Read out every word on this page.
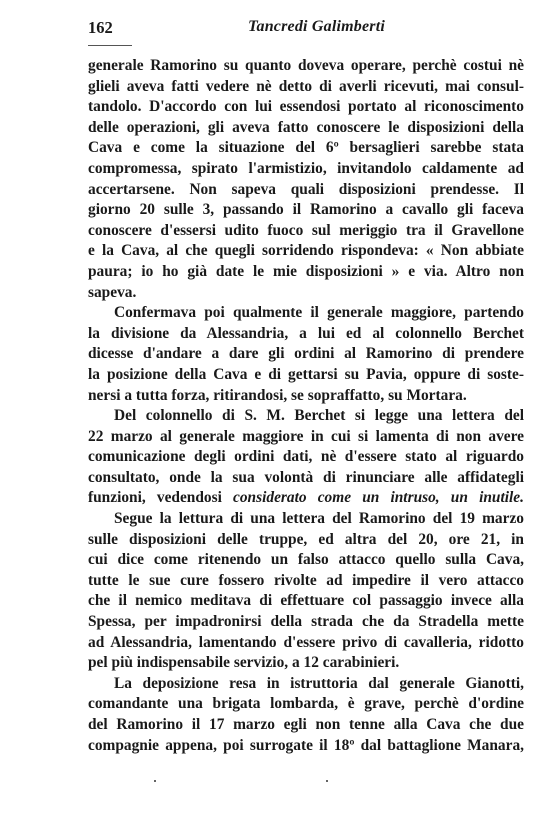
162	Tancredi Galimberti
generale Ramorino su quanto doveva operare, perchè costui nè
glieli aveva fatti vedere nè detto di averli ricevuti, mai consul-
tandolo. D'accordo con lui essendosi portato al riconoscimento
delle operazioni, gli aveva fatto conoscere le disposizioni della
Cava e come la situazione del 6º bersaglieri sarebbe stata
compromessa, spirato l'armistizio, invitandolo caldamente ad
accertarsene. Non sapeva quali disposizioni prendesse. Il
giorno 20 sulle 3, passando il Ramorino a cavallo gli faceva
conoscere d'essersi udito fuoco sul meriggio tra il Gravellone
e la Cava, al che quegli sorridendo rispondeva: « Non abbiate
paura; io ho già date le mie disposizioni » e via. Altro non
sapeva.
Confermava poi qualmente il generale maggiore, partendo
la divisione da Alessandria, a lui ed al colonnello Berchet
dicesse d'andare a dare gli ordini al Ramorino di prendere
la posizione della Cava e di gettarsi su Pavia, oppure di soste-
nersi a tutta forza, ritirandosi, se sopraffatto, su Mortara.
Del colonnello di S. M. Berchet si legge una lettera del
22 marzo al generale maggiore in cui si lamenta di non avere
comunicazione degli ordini dati, nè d'essere stato al riguardo
consultato, onde la sua volontà di rinunciare alle affidategli
funzioni, vedendosi considerato come un intruso, un inutile.
Segue la lettura di una lettera del Ramorino del 19 marzo
sulle disposizioni delle truppe, ed altra del 20, ore 21, in
cui dice come ritenendo un falso attacco quello sulla Cava,
tutte le sue cure fossero rivolte ad impedire il vero attacco
che il nemico meditava di effettuare col passaggio invece alla
Spessa, per impadronirsi della strada che da Stradella mette
ad Alessandria, lamentando d'essere privo di cavalleria, ridotto
pel più indispensabile servizio, a 12 carabinieri.
La deposizione resa in istruttoria dal generale Gianotti,
comandante una brigata lombarda, è grave, perchè d'ordine
del Ramorino il 17 marzo egli non tenne alla Cava che due
compagnie appena, poi surrogate il 18º dal battaglione Manara,
